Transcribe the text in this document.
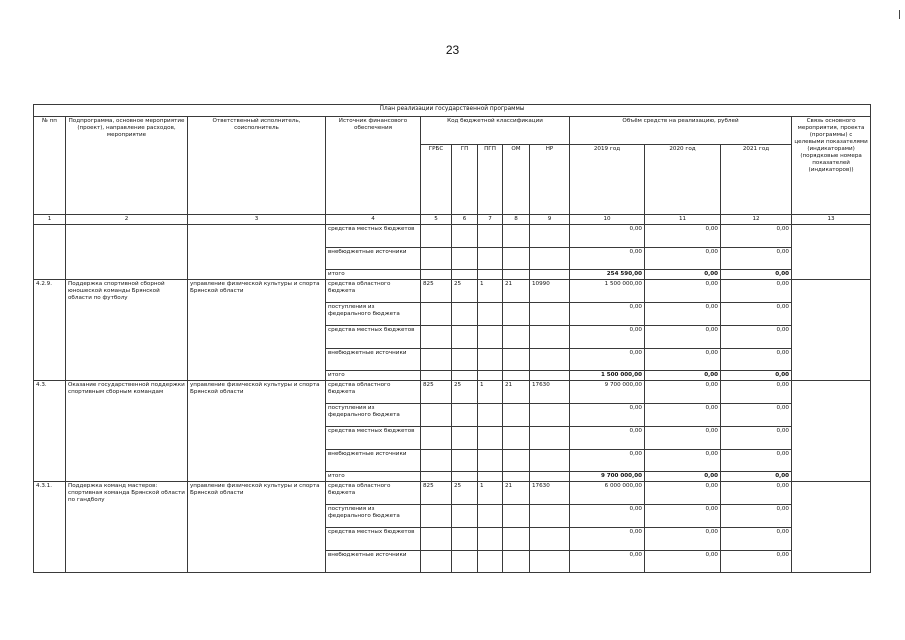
23
План реализации государственной программы												
№ пп	Подпрограмма, основное мероприятие (проект), направление расходов, мероприятие	Ответственный исполнитель, соисполнитель	Источник финансового обеспечения	Код бюджетной классификации					Объём средств на реализацию, рублей			Связь основного мероприятия, проекта (программы) с целевыми показателями (индикаторами) (порядковые номера показателей (индикаторов))
				ГРБС	ГП	ПГП	ОМ	НР	2019 год	2020 год	2021 год	
1	2	3	4	5	6	7	8	9	10	11	12	13
			средства местных бюджетов						0,00	0,00	0,00	
			внебюджетные источники						0,00	0,00	0,00	
			итого						254 590,00	0,00	0,00	
4.2.9.	Поддержка спортивной сборной юношеской команды Брянской области по футболу	управление физической культуры и спорта Брянской области	средства областного бюджета	825	25	1	21	10990	1 500 000,00	0,00	0,00	
			поступления из федерального бюджета						0,00	0,00	0,00	
			средства местных бюджетов						0,00	0,00	0,00	
			внебюджетные источники						0,00	0,00	0,00	
			итого						1 500 000,00	0,00	0,00	
4.3.	Оказание государственной поддержки спортивным сборным командам	управление физической культуры и спорта Брянской области	средства областного бюджета	825	25	1	21	17630	9 700 000,00	0,00	0,00	
			поступления из федерального бюджета						0,00	0,00	0,00	
			средства местных бюджетов						0,00	0,00	0,00	
			внебюджетные источники						0,00	0,00	0,00	
			итого						9 700 000,00	0,00	0,00	
4.3.1.	Поддержка команд мастеров: спортивная команда Брянской области по гандболу	управление физической культуры и спорта Брянской области	средства областного бюджета	825	25	1	21	17630	6 000 000,00	0,00	0,00	
			поступления из федерального бюджета						0,00	0,00	0,00	
			средства местных бюджетов						0,00	0,00	0,00	
			внебюджетные источники						0,00	0,00	0,00	
